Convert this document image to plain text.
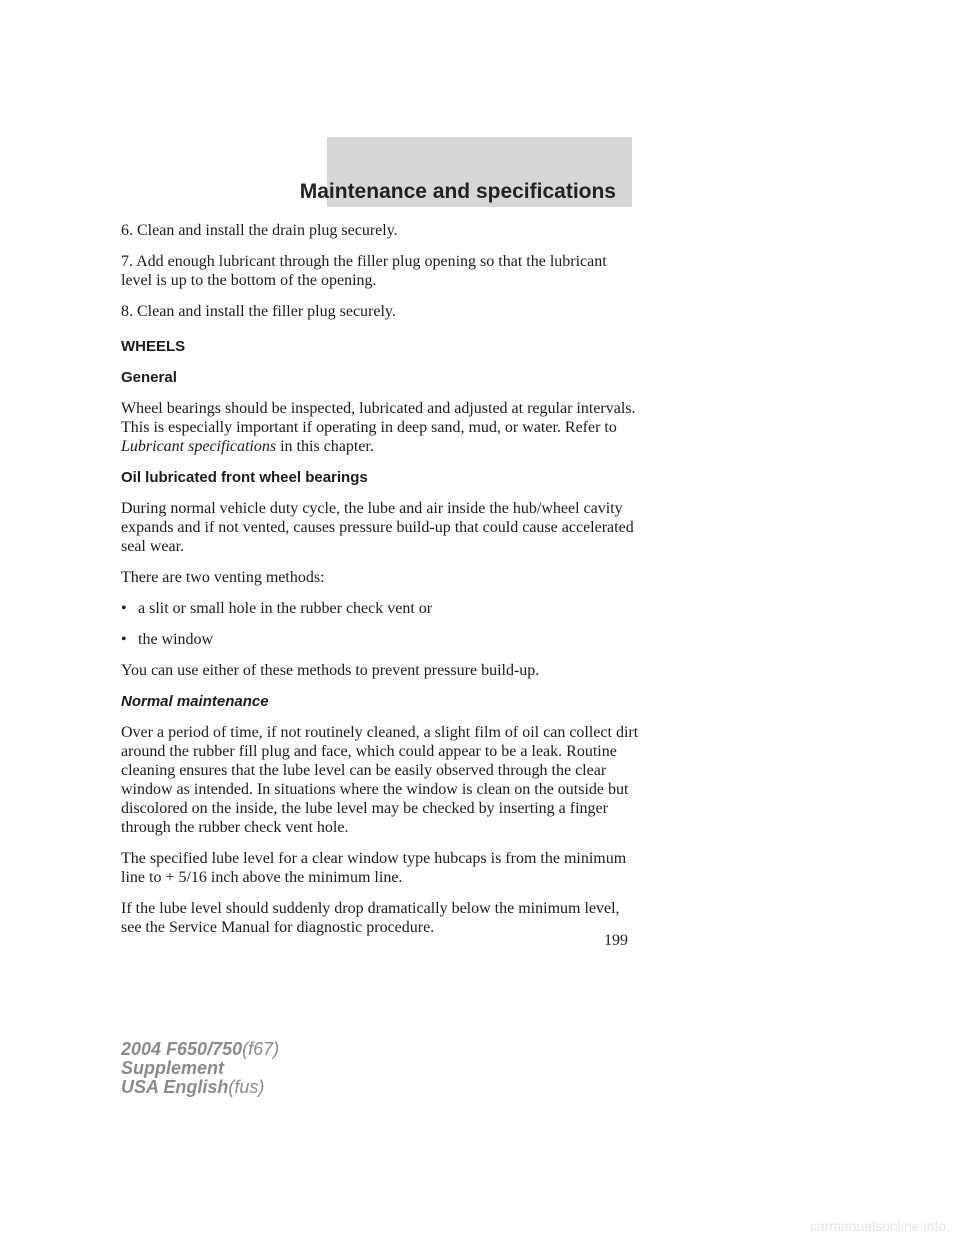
Maintenance and specifications

6. Clean and install the drain plug securely.

7. Add enough lubricant through the filler plug opening so that the lubricant level is up to the bottom of the opening.

8. Clean and install the filler plug securely.

WHEELS
General

Wheel bearings should be inspected, lubricated and adjusted at regular intervals. This is especially important if operating in deep sand, mud, or water. Refer to Lubricant specifications in this chapter.

Oil lubricated front wheel bearings

During normal vehicle duty cycle, the lube and air inside the hub/wheel cavity expands and if not vented, causes pressure build-up that could cause accelerated seal wear.

There are two venting methods:

• a slit or small hole in the rubber check vent or
• the window

You can use either of these methods to prevent pressure build-up.

Normal maintenance

Over a period of time, if not routinely cleaned, a slight film of oil can collect dirt around the rubber fill plug and face, which could appear to be a leak. Routine cleaning ensures that the lube level can be easily observed through the clear window as intended. In situations where the window is clean on the outside but discolored on the inside, the lube level may be checked by inserting a finger through the rubber check vent hole.

The specified lube level for a clear window type hubcaps is from the minimum line to + 5/16 inch above the minimum line.

If the lube level should suddenly drop dramatically below the minimum level, see the Service Manual for diagnostic procedure.

199
2004 F650/750(f67)
Supplement
USA English(fus)
carmanualsonline.info
